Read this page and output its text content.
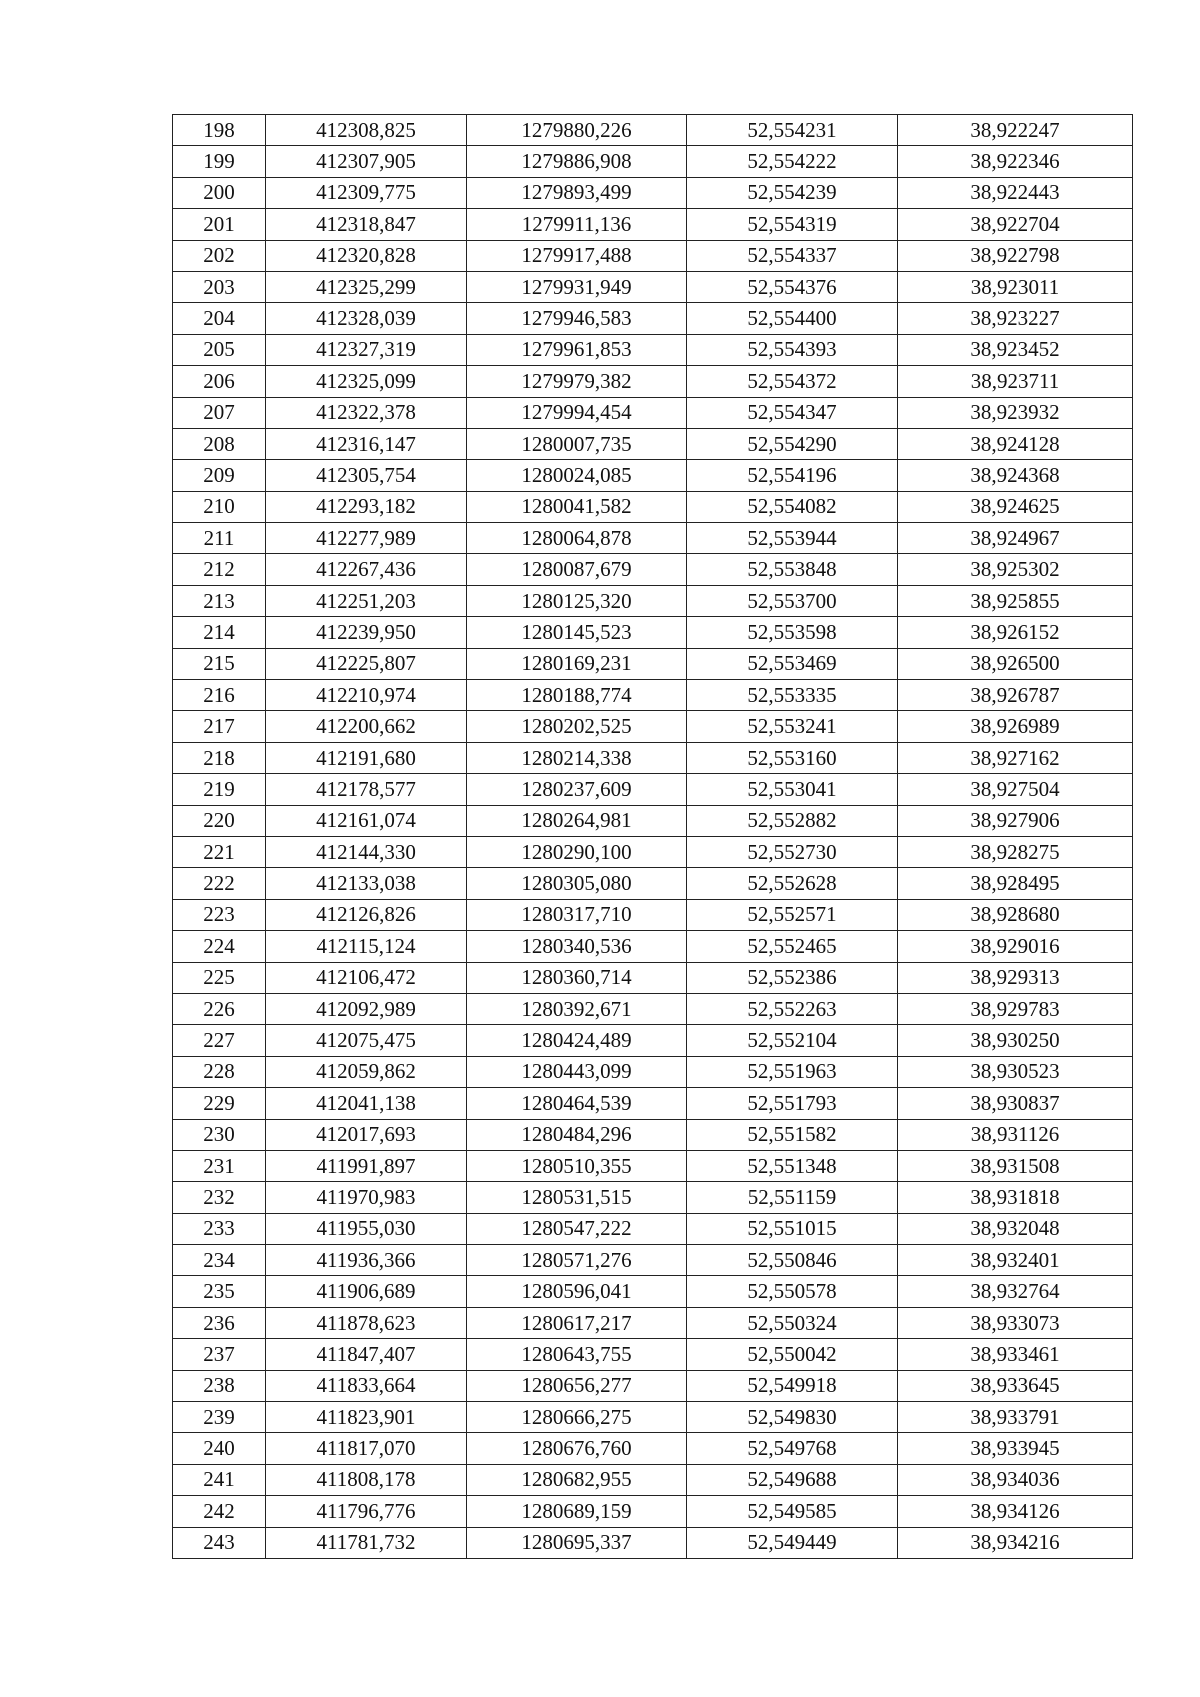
198	412308,825	1279880,226	52,554231	38,922247
199	412307,905	1279886,908	52,554222	38,922346
200	412309,775	1279893,499	52,554239	38,922443
201	412318,847	1279911,136	52,554319	38,922704
202	412320,828	1279917,488	52,554337	38,922798
203	412325,299	1279931,949	52,554376	38,923011
204	412328,039	1279946,583	52,554400	38,923227
205	412327,319	1279961,853	52,554393	38,923452
206	412325,099	1279979,382	52,554372	38,923711
207	412322,378	1279994,454	52,554347	38,923932
208	412316,147	1280007,735	52,554290	38,924128
209	412305,754	1280024,085	52,554196	38,924368
210	412293,182	1280041,582	52,554082	38,924625
211	412277,989	1280064,878	52,553944	38,924967
212	412267,436	1280087,679	52,553848	38,925302
213	412251,203	1280125,320	52,553700	38,925855
214	412239,950	1280145,523	52,553598	38,926152
215	412225,807	1280169,231	52,553469	38,926500
216	412210,974	1280188,774	52,553335	38,926787
217	412200,662	1280202,525	52,553241	38,926989
218	412191,680	1280214,338	52,553160	38,927162
219	412178,577	1280237,609	52,553041	38,927504
220	412161,074	1280264,981	52,552882	38,927906
221	412144,330	1280290,100	52,552730	38,928275
222	412133,038	1280305,080	52,552628	38,928495
223	412126,826	1280317,710	52,552571	38,928680
224	412115,124	1280340,536	52,552465	38,929016
225	412106,472	1280360,714	52,552386	38,929313
226	412092,989	1280392,671	52,552263	38,929783
227	412075,475	1280424,489	52,552104	38,930250
228	412059,862	1280443,099	52,551963	38,930523
229	412041,138	1280464,539	52,551793	38,930837
230	412017,693	1280484,296	52,551582	38,931126
231	411991,897	1280510,355	52,551348	38,931508
232	411970,983	1280531,515	52,551159	38,931818
233	411955,030	1280547,222	52,551015	38,932048
234	411936,366	1280571,276	52,550846	38,932401
235	411906,689	1280596,041	52,550578	38,932764
236	411878,623	1280617,217	52,550324	38,933073
237	411847,407	1280643,755	52,550042	38,933461
238	411833,664	1280656,277	52,549918	38,933645
239	411823,901	1280666,275	52,549830	38,933791
240	411817,070	1280676,760	52,549768	38,933945
241	411808,178	1280682,955	52,549688	38,934036
242	411796,776	1280689,159	52,549585	38,934126
243	411781,732	1280695,337	52,549449	38,934216
